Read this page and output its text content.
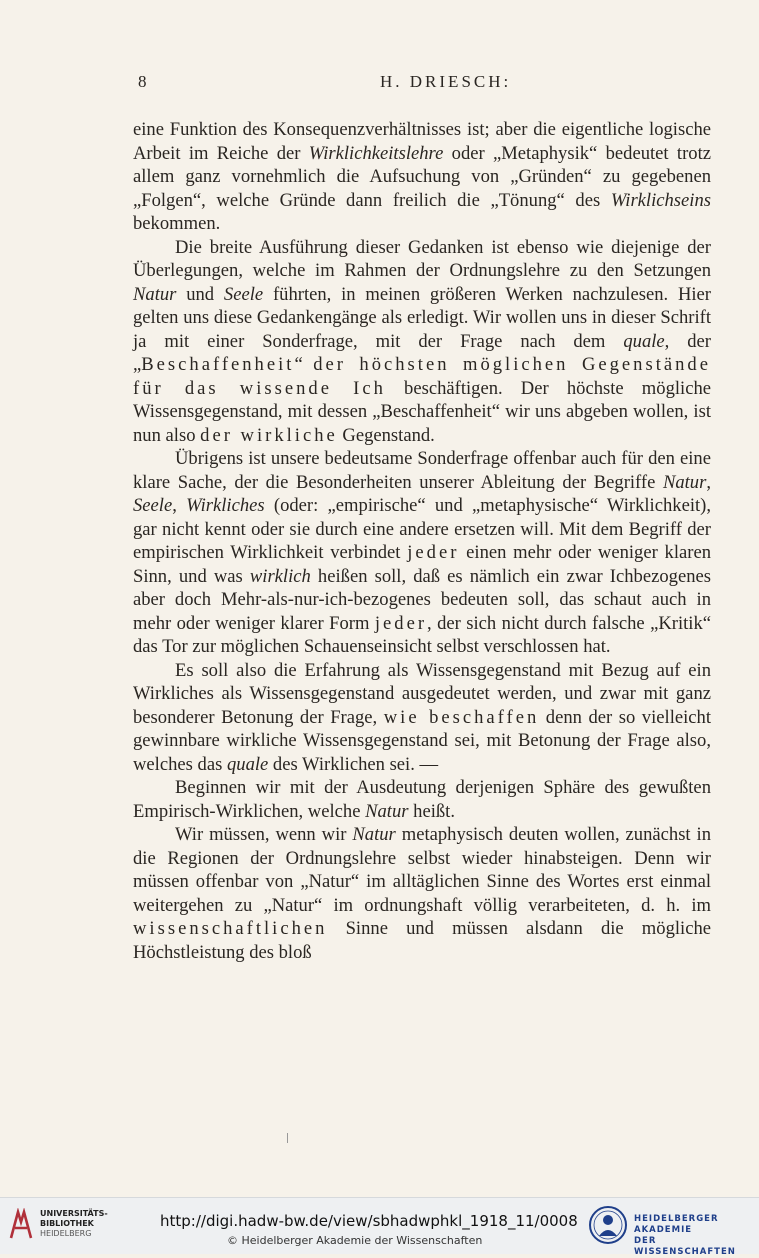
8	H. DRIESCH:

eine Funktion des Konsequenzverhältnisses ist; aber die eigentliche logische Arbeit im Reiche der Wirklichkeitslehre oder „Metaphysik“ bedeutet trotz allem ganz vornehmlich die Aufsuchung von „Gründen“ zu gegebenen „Folgen“, welche Gründe dann freilich die „Tönung“ des Wirklichseins bekommen.

Die breite Ausführung dieser Gedanken ist ebenso wie diejenige der Überlegungen, welche im Rahmen der Ordnungslehre zu den Setzungen Natur und Seele führten, in meinen größeren Werken nachzulesen. Hier gelten uns diese Gedankengänge als erledigt. Wir wollen uns in dieser Schrift ja mit einer Sonderfrage, mit der Frage nach dem quale, der „Beschaffenheit“ der höchsten möglichen Gegenstände für das wissende Ich beschäftigen. Der höchste mögliche Wissensgegenstand, mit dessen „Beschaffenheit“ wir uns abgeben wollen, ist nun also der wirkliche Gegenstand.

Übrigens ist unsere bedeutsame Sonderfrage offenbar auch für den eine klare Sache, der die Besonderheiten unserer Ableitung der Begriffe Natur, Seele, Wirkliches (oder: „empirische“ und „metaphysische“ Wirklichkeit), gar nicht kennt oder sie durch eine andere ersetzen will. Mit dem Begriff der empirischen Wirklichkeit verbindet jeder einen mehr oder weniger klaren Sinn, und was wirklich heißen soll, daß es nämlich ein zwar Ichbezogenes aber doch Mehr-als-nur-ich-bezogenes bedeuten soll, das schaut auch in mehr oder weniger klarer Form jeder, der sich nicht durch falsche „Kritik“ das Tor zur möglichen Schauenseinsicht selbst verschlossen hat.

Es soll also die Erfahrung als Wissensgegenstand mit Bezug auf ein Wirkliches als Wissensgegenstand ausgedeutet werden, und zwar mit ganz besonderer Betonung der Frage, wie beschaffen denn der so vielleicht gewinnbare wirkliche Wissensgegenstand sei, mit Betonung der Frage also, welches das quale des Wirklichen sei. —

Beginnen wir mit der Ausdeutung derjenigen Sphäre des gewußten Empirisch-Wirklichen, welche Natur heißt.

Wir müssen, wenn wir Natur metaphysisch deuten wollen, zunächst in die Regionen der Ordnungslehre selbst wieder hinabsteigen. Denn wir müssen offenbar von „Natur“ im alltäglichen Sinne des Wortes erst einmal weitergehen zu „Natur“ im ordnungshaft völlig verarbeiteten, d. h. im wissenschaftlichen Sinne und müssen alsdann die mögliche Höchstleistung des bloß

UNIVERSITÄTS-
BIBLIOTHEK
HEIDELBERG
http://digi.hadw-bw.de/view/sbhadwphkl_1918_11/0008
© Heidelberger Akademie der Wissenschaften
HEIDELBERGER AKADEMIE
DER WISSENSCHAFTEN
